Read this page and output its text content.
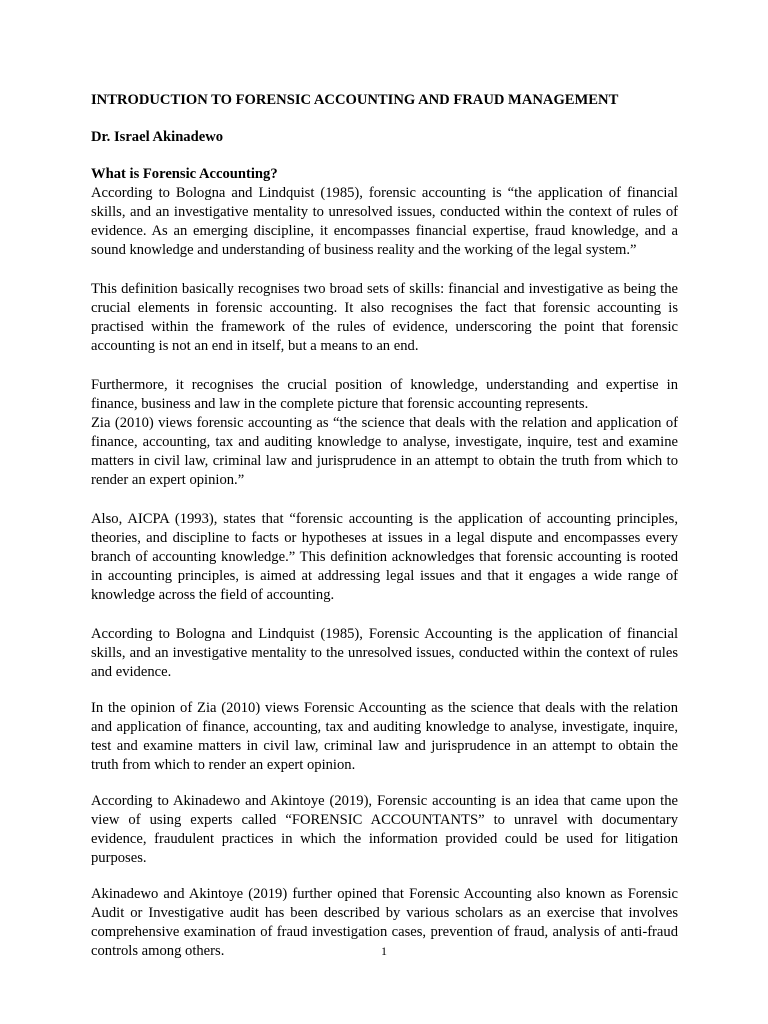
INTRODUCTION TO FORENSIC ACCOUNTING AND FRAUD MANAGEMENT

Dr. Israel Akinadewo

What is Forensic Accounting?

According to Bologna and Lindquist (1985), forensic accounting is “the application of financial skills, and an investigative mentality to unresolved issues, conducted within the context of rules of evidence. As an emerging discipline, it encompasses financial expertise, fraud knowledge, and a sound knowledge and understanding of business reality and the working of the legal system.”

This definition basically recognises two broad sets of skills: financial and investigative as being the crucial elements in forensic accounting. It also recognises the fact that forensic accounting is practised within the framework of the rules of evidence, underscoring the point that forensic accounting is not an end in itself, but a means to an end.

Furthermore, it recognises the crucial position of knowledge, understanding and expertise in finance, business and law in the complete picture that forensic accounting represents.

Zia (2010) views forensic accounting as “the science that deals with the relation and application of finance, accounting, tax and auditing knowledge to analyse, investigate, inquire, test and examine matters in civil law, criminal law and jurisprudence in an attempt to obtain the truth from which to render an expert opinion.”

Also, AICPA (1993), states that “forensic accounting is the application of accounting principles, theories, and discipline to facts or hypotheses at issues in a legal dispute and encompasses every branch of accounting knowledge.” This definition acknowledges that forensic accounting is rooted in accounting principles, is aimed at addressing legal issues and that it engages a wide range of knowledge across the field of accounting.

According to Bologna and Lindquist (1985), Forensic Accounting is the application of financial skills, and an investigative mentality to the unresolved issues, conducted within the context of rules and evidence.

In the opinion of Zia (2010) views Forensic Accounting as the science that deals with the relation and application of finance, accounting, tax and auditing knowledge to analyse, investigate, inquire, test and examine matters in civil law, criminal law and jurisprudence in an attempt to obtain the truth from which to render an expert opinion.

According to Akinadewo and Akintoye (2019), Forensic accounting is an idea that came upon the view of using experts called “FORENSIC ACCOUNTANTS” to unravel with documentary evidence, fraudulent practices in which the information provided could be used for litigation purposes.

Akinadewo and Akintoye (2019) further opined that Forensic Accounting also known as Forensic Audit or Investigative audit has been described by various scholars as an exercise that involves comprehensive examination of fraud investigation cases, prevention of fraud, analysis of anti-fraud controls among others.	1
